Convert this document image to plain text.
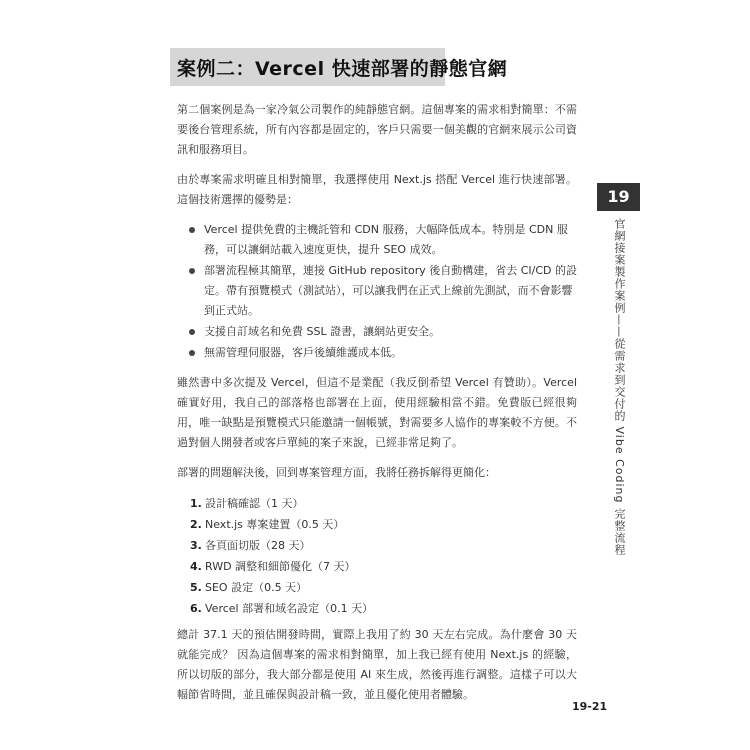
案例二：Vercel 快速部署的靜態官網

第二個案例是為一家冷氣公司製作的純靜態官網。這個專案的需求相對簡單：不需要後台管理系統，所有內容都是固定的，客戶只需要一個美觀的官網來展示公司資訊和服務項目。

由於專案需求明確且相對簡單，我選擇使用 Next.js 搭配 Vercel 進行快速部署。這個技術選擇的優勢是：

Vercel 提供免費的主機託管和 CDN 服務，大幅降低成本。特別是 CDN 服務，可以讓網站載入速度更快，提升 SEO 成效。
部署流程極其簡單，連接 GitHub repository 後自動構建，省去 CI/CD 的設定。帶有預覽模式（測試站），可以讓我們在正式上線前先測試，而不會影響到正式站。
支援自訂域名和免費 SSL 證書，讓網站更安全。
無需管理伺服器，客戶後續維護成本低。

雖然書中多次提及 Vercel，但這不是業配（我反倒希望 Vercel 有贊助）。Vercel 確實好用，我自己的部落格也部署在上面，使用經驗相當不錯。免費版已經很夠用，唯一缺點是預覽模式只能邀請一個帳號，對需要多人協作的專案較不方便。不過對個人開發者或客戶單純的案子來說，已經非常足夠了。

部署的問題解決後，回到專案管理方面，我將任務拆解得更簡化：

1. 設計稿確認（1 天）
2. Next.js 專案建置（0.5 天）
3. 各頁面切版（28 天）
4. RWD 調整和細節優化（7 天）
5. SEO 設定（0.5 天）
6. Vercel 部署和域名設定（0.1 天）

總計 37.1 天的預估開發時間，實際上我用了約 30 天左右完成。為什麼會 30 天就能完成？ 因為這個專案的需求相對簡單，加上我已經有使用 Next.js 的經驗，所以切版的部分，我大部分都是使用 AI 來生成，然後再進行調整。這樣子可以大幅節省時間，並且確保與設計稿一致，並且優化使用者體驗。

19
官網接案製作案例——從需求到交付的 Vibe Coding 完整流程
19-21
